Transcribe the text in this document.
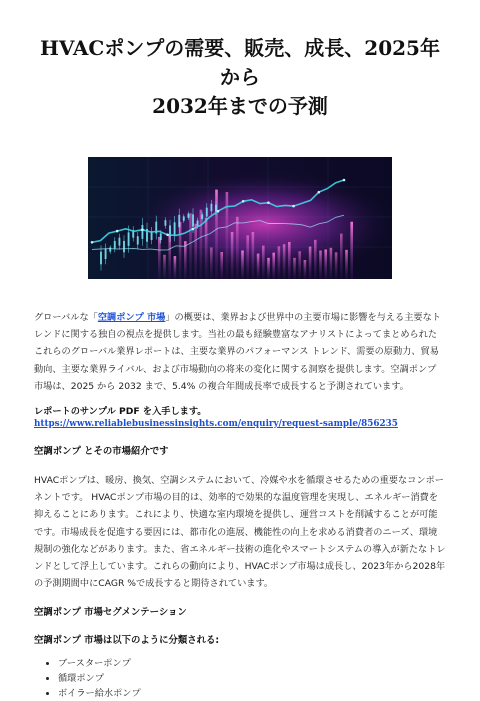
HVACポンプの需要、販売、成長、2025年から
2032年までの予測

グローバルな「空調ポンプ 市場」の概要は、業界および世界中の主要市場に影響を与える主要なトレンドに関する独自の視点を提供します。当社の最も経験豊富なアナリストによってまとめられたこれらのグローバル業界レポートは、主要な業界のパフォーマンス トレンド、需要の原動力、貿易動向、主要な業界ライバル、および市場動向の将来の変化に関する洞察を提供します。空調ポンプ 市場は、2025 から 2032 まで、5.4% の複合年間成長率で成長すると予測されています。

レポートのサンプル PDF を入手します。
https://www.reliablebusinessinsights.com/enquiry/request-sample/856235
空調ポンプ とその市場紹介です

HVACポンプは、暖房、換気、空調システムにおいて、冷媒や水を循環させるための重要なコンポーネントです。 HVACポンプ市場の目的は、効率的で効果的な温度管理を実現し、エネルギー消費を抑えることにあります。これにより、快適な室内環境を提供し、運営コストを削減することが可能です。市場成長を促進する要因には、都市化の進展、機能性の向上を求める消費者のニーズ、環境規制の強化などがあります。また、省エネルギー技術の進化やスマートシステムの導入が新たなトレンドとして浮上しています。これらの動向により、HVACポンプ市場は成長し、2023年から2028年の予測期間中にCAGR %で成長すると期待されています。

空調ポンプ 市場セグメンテーション
空調ポンプ 市場は以下のように分類される:
• ブースターポンプ
• 循環ポンプ
• ボイラー給水ポンプ
